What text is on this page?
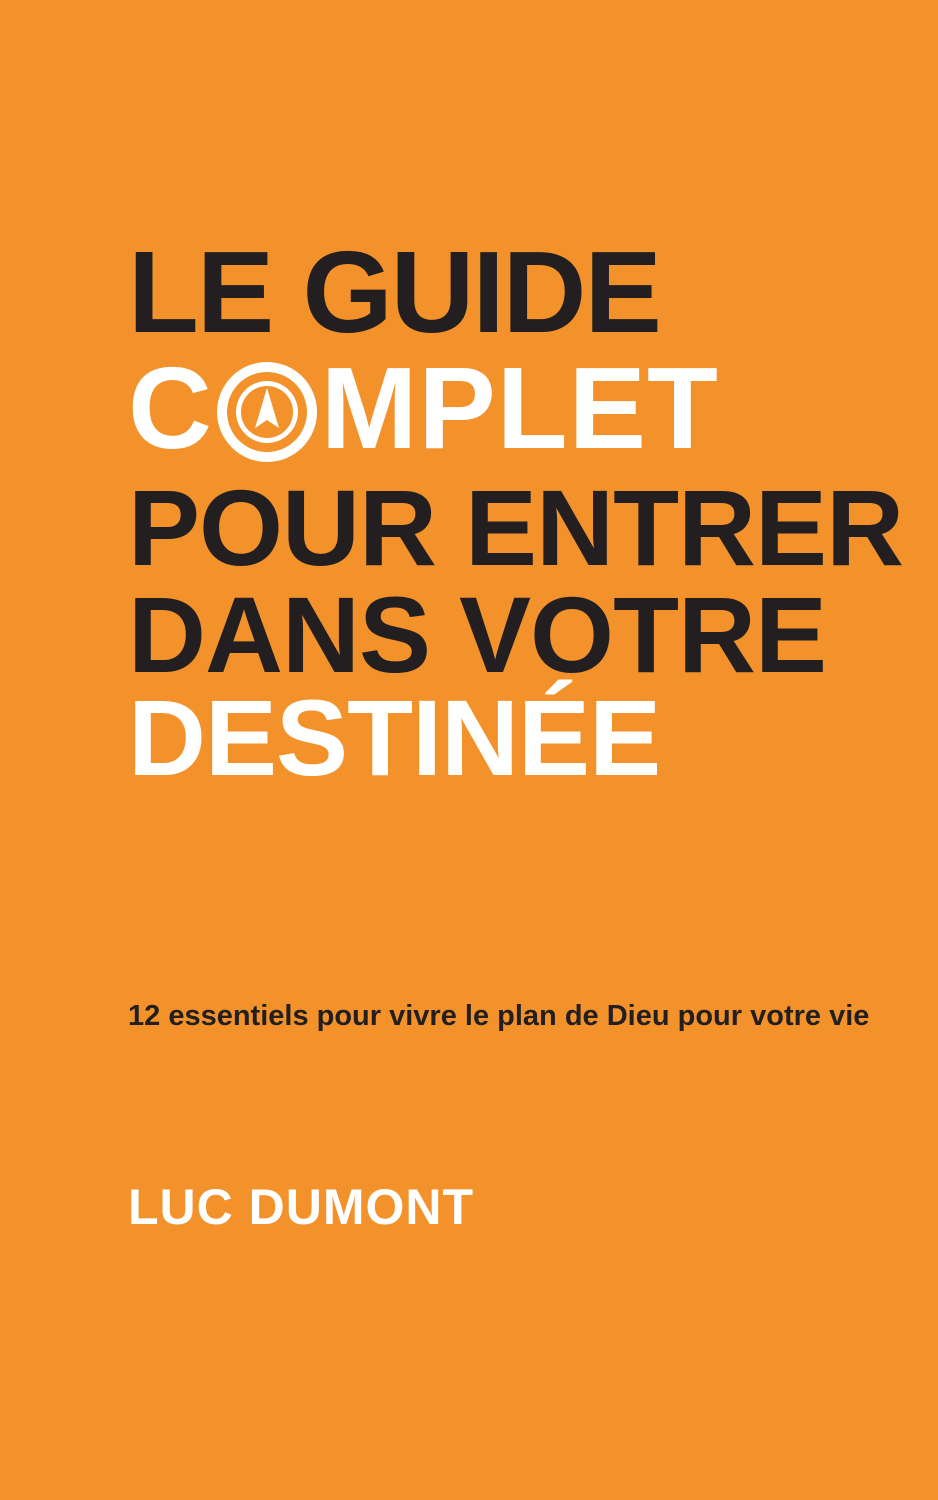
LE GUIDE
C MPLET
POUR ENTRER
DANS VOTRE
DESTINÉE
12 essentiels pour vivre le plan de Dieu pour votre vie
LUC DUMONT
